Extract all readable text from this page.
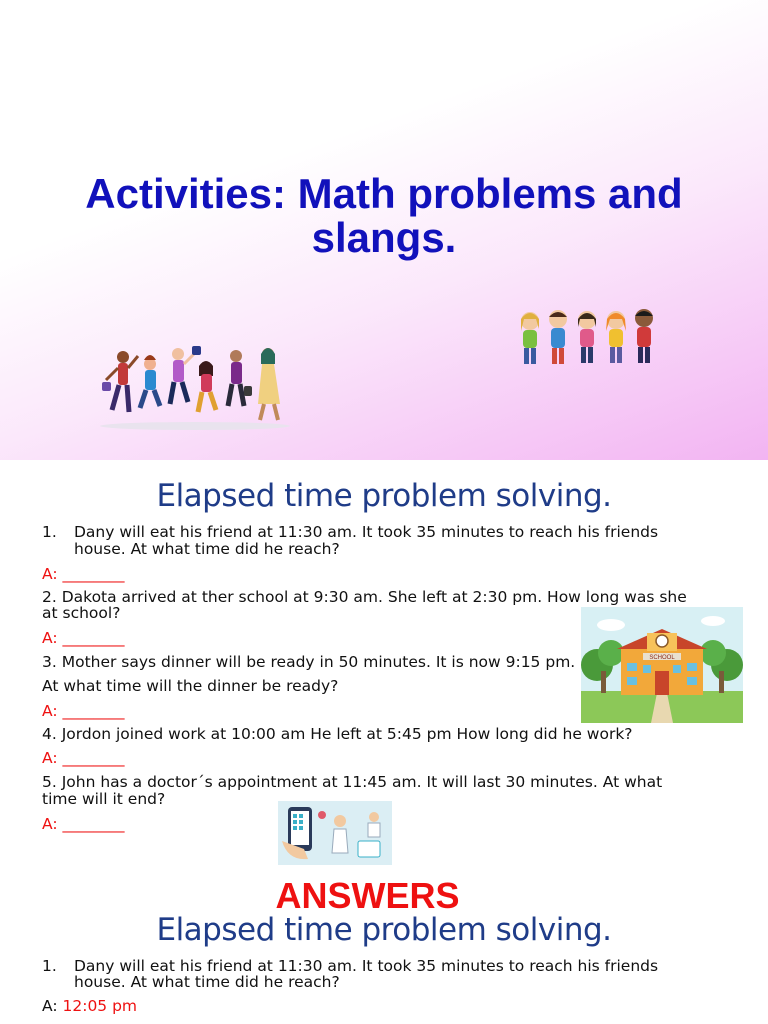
Activities: Math problems and slangs.
Elapsed time problem solving.
1. Dany will eat his friend at 11:30 am. It took 35 minutes to reach his friends
house. At what time did he reach?
A: ________
2. Dakota arrived at ther school at 9:30 am. She left at 2:30 pm. How long was she
at school?
A: ________
3. Mother says dinner will be ready in 50 minutes. It is now 9:15 pm.
At what time will the dinner be ready?
A: ________
4. Jordon joined work at 10:00 am He left at 5:45 pm How long did he work?
A: ________
5. John has a doctor´s appointment at 11:45 am. It will last 30 minutes. At what
time will it end?
A: ________
SCHOOL
ANSWERS
Elapsed time problem solving.
1. Dany will eat his friend at 11:30 am. It took 35 minutes to reach his friends
house. At what time did he reach?
A: 12:05 pm
